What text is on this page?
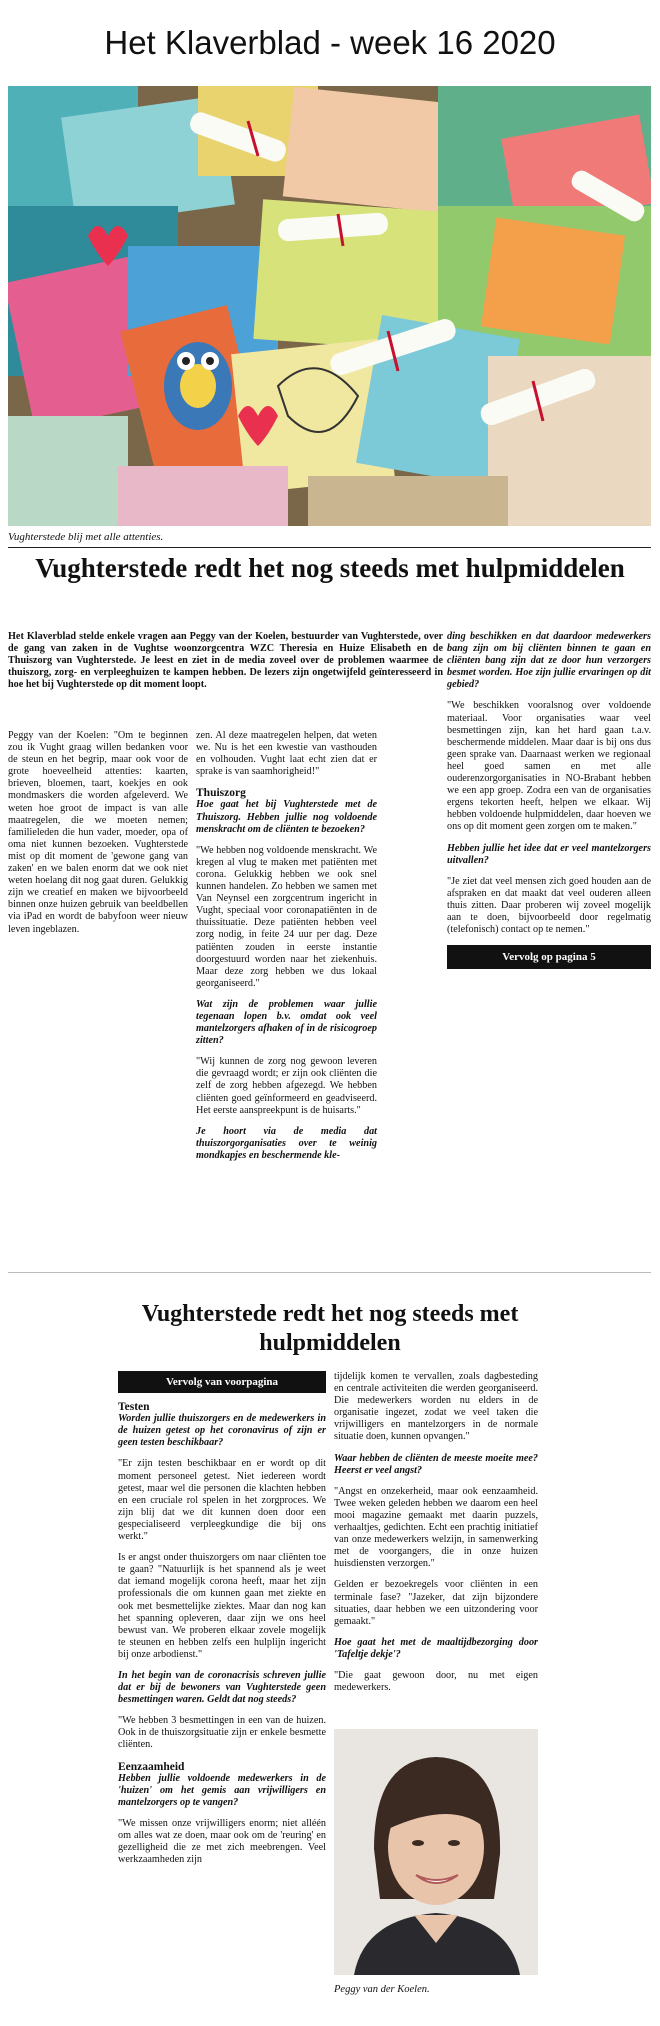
Het Klaverblad - week 16 2020
Vughterstede blij met alle attenties.
Vughterstede redt het nog steeds met hulpmiddelen
Het Klaverblad stelde enkele vragen aan Peggy van der Koelen, bestuurder van Vughterstede, over de gang van zaken in de Vughtse woonzorgcentra WZC Theresia en Huize Elisabeth en de Thuiszorg van Vughterstede. Je leest en ziet in de media zoveel over de problemen waarmee de thuiszorg, zorg- en verpleeghuizen te kampen hebben. De lezers zijn ongetwijfeld geïnteresseerd in hoe het bij Vughterstede op dit moment loopt.

Peggy van der Koelen: "Om te beginnen zou ik Vught graag willen bedanken voor de steun en het begrip, maar ook voor de grote hoeveelheid attenties: kaarten, brieven, bloemen, taart, koekjes en ook mondmaskers die worden afgeleverd. We weten hoe groot de impact is van alle maatregelen, die we moeten nemen; familieleden die hun vader, moeder, opa of oma niet kunnen bezoeken. Vughterstede mist op dit moment de 'gewone gang van zaken' en we balen enorm dat we ook niet weten hoelang dit nog gaat duren. Gelukkig zijn we creatief en maken we bijvoorbeeld binnen onze huizen gebruik van beeldbellen via iPad en wordt de babyfoon weer nieuw leven ingeblazen.

zen. Al deze maatregelen helpen, dat weten we. Nu is het een kwestie van vasthouden en volhouden. Vught laat echt zien dat er sprake is van saamhorigheid!"

Thuiszorg

Hoe gaat het bij Vughterstede met de Thuiszorg. Hebben jullie nog voldoende menskracht om de cliënten te bezoeken?

"We hebben nog voldoende menskracht. We kregen al vlug te maken met patiënten met corona. Gelukkig hebben we ook snel kunnen handelen. Zo hebben we samen met Van Neynsel een zorgcentrum ingericht in Vught, speciaal voor coronapatiënten in de thuissituatie. Deze patiënten hebben veel zorg nodig, in feite 24 uur per dag. Deze patiënten zouden in eerste instantie doorgestuurd worden naar het ziekenhuis. Maar deze zorg hebben we dus lokaal georganiseerd."

Wat zijn de problemen waar jullie tegenaan lopen b.v. omdat ook veel mantelzorgers afhaken of in de risicogroep zitten?

"Wij kunnen de zorg nog gewoon leveren die gevraagd wordt; er zijn ook cliënten die zelf de zorg hebben afgezegd. We hebben cliënten goed geïnformeerd en geadviseerd. Het eerste aanspreekpunt is de huisarts."

Je hoort via de media dat thuiszorgorganisaties over te weinig mondkapjes en beschermende kle-

ding beschikken en dat daardoor medewerkers bang zijn om bij cliënten binnen te gaan en cliënten bang zijn dat ze door hun verzorgers besmet worden. Hoe zijn jullie ervaringen op dit gebied?

"We beschikken vooralsnog over voldoende materiaal. Voor organisaties waar veel besmettingen zijn, kan het hard gaan t.a.v. beschermende middelen. Maar daar is bij ons dus geen sprake van. Daarnaast werken we regionaal heel goed samen en met alle ouderenzorgorganisaties in NO-Brabant hebben we een app groep. Zodra een van de organisaties ergens tekorten heeft, helpen we elkaar. Wij hebben voldoende hulpmiddelen, daar hoeven we ons op dit moment geen zorgen om te maken."

Hebben jullie het idee dat er veel mantelzorgers uitvallen?

"Je ziet dat veel mensen zich goed houden aan de afspraken en dat maakt dat veel ouderen alleen thuis zitten. Daar proberen wij zoveel mogelijk aan te doen, bijvoorbeeld door regelmatig (telefonisch) contact op te nemen."

Vervolg op pagina 5
Vughterstede redt het nog steeds met hulpmiddelen
Vervolg van voorpagina
Testen

Worden jullie thuiszorgers en de medewerkers in de huizen getest op het coronavirus of zijn er geen testen beschikbaar?

"Er zijn testen beschikbaar en er wordt op dit moment personeel getest. Niet iedereen wordt getest, maar wel die personen die klachten hebben en een cruciale rol spelen in het zorgproces. We zijn blij dat we dit kunnen doen door een gespecialiseerd verpleegkundige die bij ons werkt."

Is er angst onder thuiszorgers om naar cliënten toe te gaan? "Natuurlijk is het spannend als je weet dat iemand mogelijk corona heeft, maar het zijn professionals die om kunnen gaan met ziekte en ook met besmettelijke ziektes. Maar dan nog kan het spanning opleveren, daar zijn we ons heel bewust van. We proberen elkaar zovele mogelijk te steunen en hebben zelfs een hulplijn ingericht bij onze arbodienst."

In het begin van de coronacrisis schreven jullie dat er bij de bewoners van Vughterstede geen besmettingen waren. Geldt dat nog steeds?

"We hebben 3 besmettingen in een van de huizen. Ook in de thuiszorgsituatie zijn er enkele besmette cliënten.

Eenzaamheid

Hebben jullie voldoende medewerkers in de 'huizen' om het gemis aan vrijwilligers en mantelzorgers op te vangen?

"We missen onze vrijwilligers enorm; niet alléén om alles wat ze doen, maar ook om de 'reuring' en gezelligheid die ze met zich meebrengen. Veel werkzaamheden zijn

tijdelijk komen te vervallen, zoals dagbesteding en centrale activiteiten die werden georganiseerd. Die medewerkers worden nu elders in de organisatie ingezet, zodat we veel taken die vrijwilligers en mantelzorgers in de normale situatie doen, kunnen opvangen."

Waar hebben de cliënten de meeste moeite mee? Heerst er veel angst?

"Angst en onzekerheid, maar ook eenzaamheid. Twee weken geleden hebben we daarom een heel mooi magazine gemaakt met daarin puzzels, verhaaltjes, gedichten. Echt een prachtig initiatief van onze medewerkers welzijn, in samenwerking met de voorgangers, die in onze huizen huisdiensten verzorgen."

Gelden er bezoekregels voor cliënten in een terminale fase? "Jazeker, dat zijn bijzondere situaties, daar hebben we een uitzondering voor gemaakt."

Hoe gaat het met de maaltijdbezorging door 'Tafeltje dekje'?

"Die gaat gewoon door, nu met eigen medewerkers.

Peggy van der Koelen.
